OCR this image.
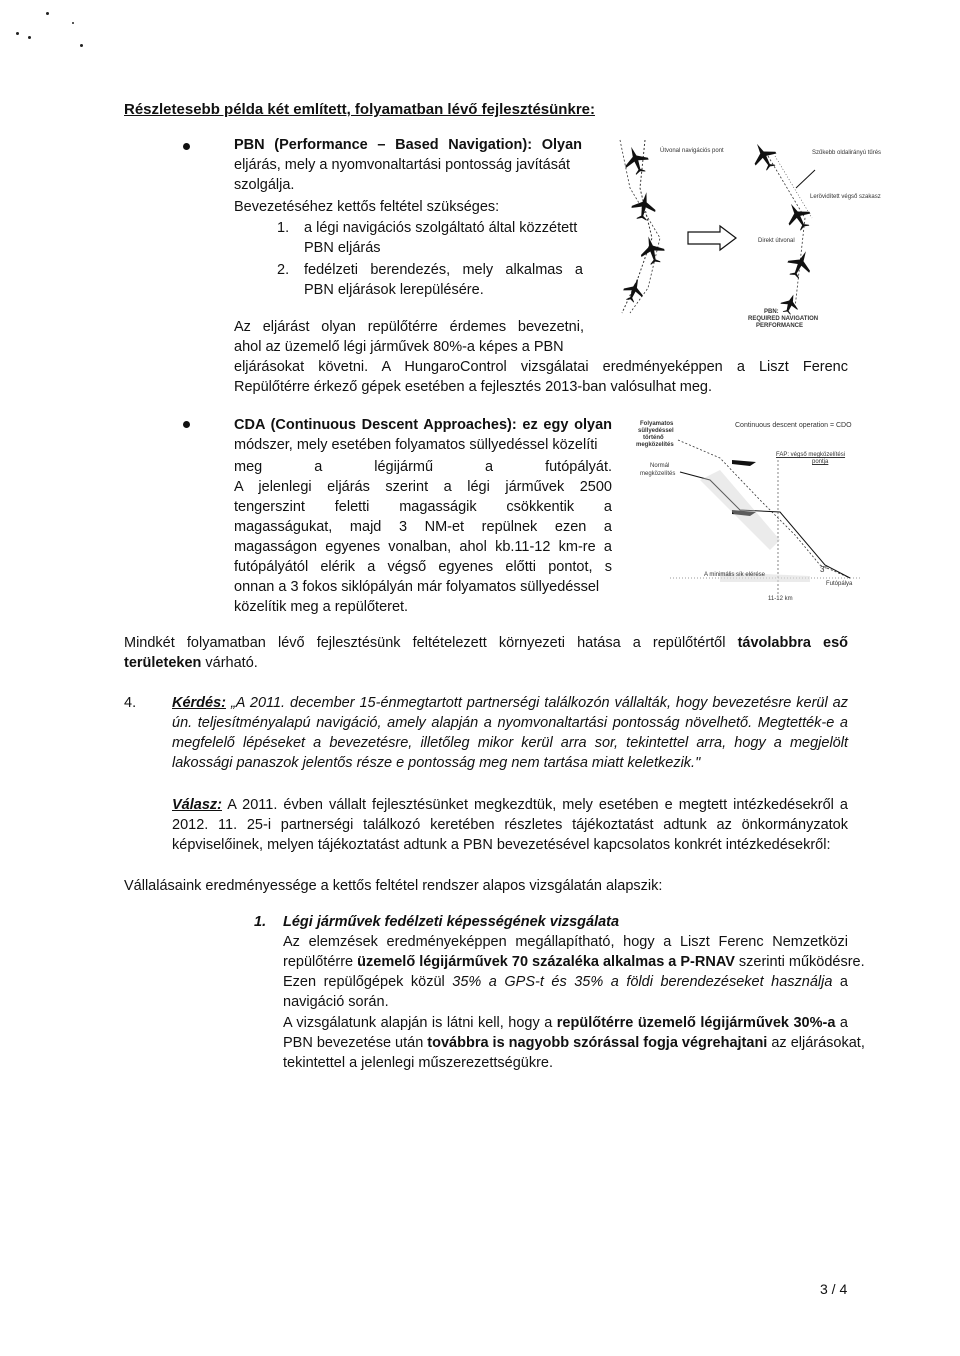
Részletesebb példa két említett, folyamatban lévő fejlesztésünkre:
PBN (Performance – Based Navigation): Olyan
eljárás, mely a nyomvonaltartási pontosság javítását
szolgálja.
Bevezetéséhez kettős feltétel szükséges:
1. a légi navigációs szolgáltató által közzétett
PBN eljárás
2. fedélzeti berendezés, mely alkalmas a
PBN eljárások lerepülésére.
Az eljárást olyan repülőtérre érdemes bevezetni,
ahol az üzemelő légi járművek 80%-a képes a PBN
eljárásokat követni. A HungaroControl vizsgálatai eredményeképpen a Liszt Ferenc
Repülőtérre érkező gépek esetében a fejlesztés 2013-ban valósulhat meg.
Útvonal navigációs pont	Szűkebb oldalirányú tűrés
Lerövidített végső szakasz
Direkt útvonal
PBN:
REQUIRED NAVIGATION
PERFORMANCE
CDA (Continuous Descent Approaches): ez egy olyan
módszer, mely esetében folyamatos süllyedéssel közelíti
meg	a	légijármű	a	futópályát.
A jelenlegi eljárás szerint a légi járművek 2500
tengerszint feletti magasságik csökkentik a
magasságukat, majd 3 NM-et repülnek ezen a
magasságon egyenes vonalban, ahol kb.11-12 km-re a
futópályától elérik a végső egyenes előtti pontot, s
onnan a 3 fokos siklópályán már folyamatos süllyedéssel
közelítik meg a repülőteret.
Folyamatos
süllyedéssel
történő
megközelítés
Normál
megközelítés
Continuous descent operation = CDO
FAP: végső megközelítési
pontja
A minimális sík elérése
3°
Futópálya
11-12 km
Mindkét folyamatban lévő fejlesztésünk feltételezett környezeti hatása a repülőtértől távolabbra eső
területeken várható.
4. Kérdés: „A 2011. december 15-énmegtartott partnerségi találkozón vállalták, hogy bevezetésre kerül az
ún. teljesítményalapú navigáció, amely alapján a nyomvonaltartási pontosság növelhető. Megtették-e a
megfelelő lépéseket a bevezetésre, illetőleg mikor kerül arra sor, tekintettel arra, hogy a megjelölt
lakossági panaszok jelentős része e pontosság meg nem tartása miatt keletkezik."
Válasz: A 2011. évben vállalt fejlesztésünket megkezdtük, mely esetében e megtett intézkedésekről a
2012. 11. 25-i partnerségi találkozó keretében részletes tájékoztatást adtunk az önkormányzatok
képviselőinek, melyen tájékoztatást adtunk a PBN bevezetésével kapcsolatos konkrét intézkedésekről:
Vállalásaink eredményessége a kettős feltétel rendszer alapos vizsgálatán alapszik:
1. Légi járművek fedélzeti képességének vizsgálata
Az elemzések eredményeképpen megállapítható, hogy a Liszt Ferenc Nemzetközi
repülőtérre üzemelő légijárművek 70 százaléka alkalmas a P-RNAV szerinti működésre.
Ezen repülőgépek közül 35% a GPS-t és 35% a földi berendezéseket használja a
navigáció során.
A vizsgálatunk alapján is látni kell, hogy a repülőtérre üzemelő légijárművek 30%-a a
PBN bevezetése után továbbra is nagyobb szórással fogja végrehajtani az eljárásokat,
tekintettel a jelenlegi műszerezettségükre.
3 / 4
